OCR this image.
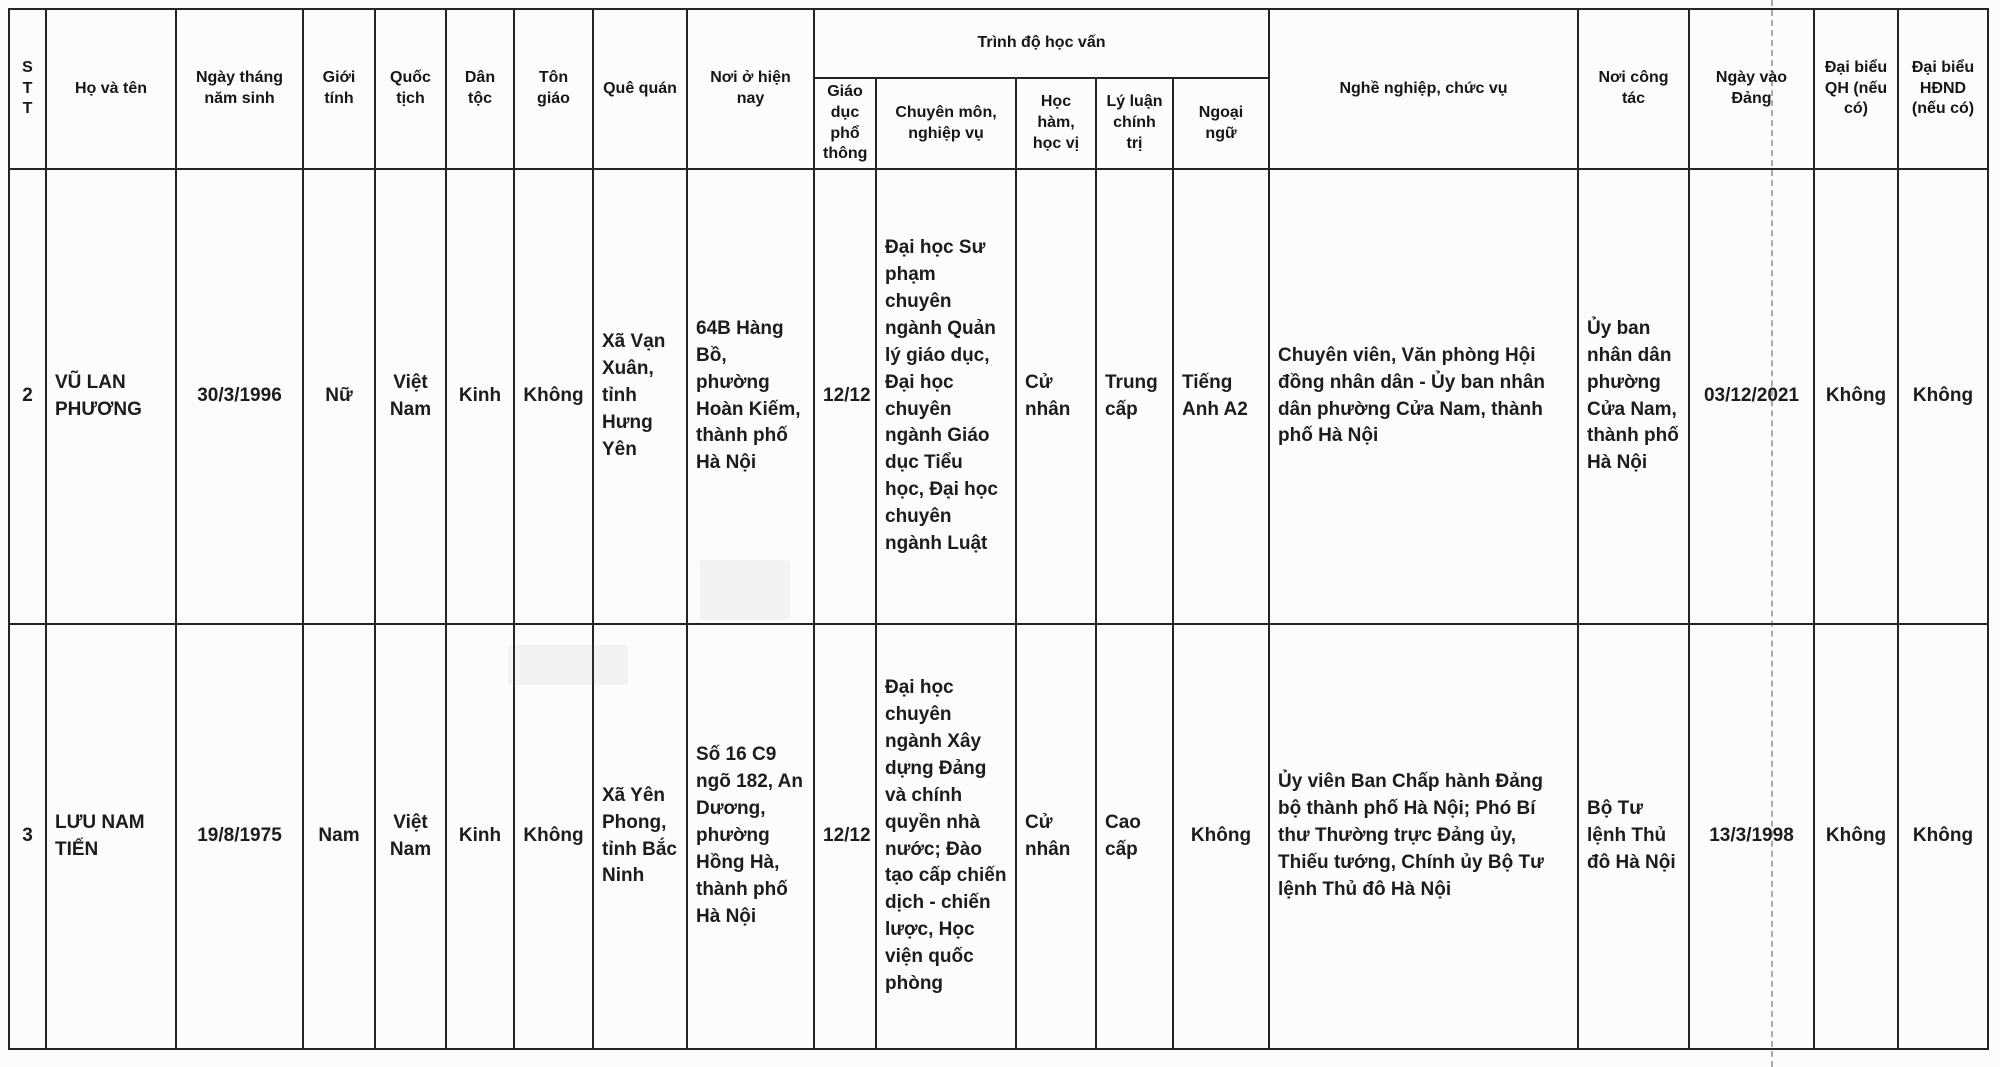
STT	Họ và tên	Ngày tháng năm sinh	Giới tính	Quốc tịch	Dân tộc	Tôn giáo	Quê quán	Nơi ở hiện nay	Trình độ học vấn					Nghề nghiệp, chức vụ	Nơi công tác	Ngày vào Đảng	Đại biểu QH (nếu có)	Đại biểu HĐND (nếu có)
									Giáo dục phổ thông	Chuyên môn, nghiệp vụ	Học hàm, học vị	Lý luận chính trị	Ngoại ngữ					
2	VŨ LAN PHƯƠNG	30/3/1996	Nữ	Việt Nam	Kinh	Không	Xã Vạn Xuân, tỉnh Hưng Yên	64B Hàng Bồ, phường Hoàn Kiếm, thành phố Hà Nội	12/12	Đại học Sư phạm chuyên ngành Quản lý giáo dục, Đại học chuyên ngành Giáo dục Tiểu học, Đại học chuyên ngành Luật	Cử nhân	Trung cấp	Tiếng Anh A2	Chuyên viên, Văn phòng Hội đồng nhân dân - Ủy ban nhân dân phường Cửa Nam, thành phố Hà Nội	Ủy ban nhân dân phường Cửa Nam, thành phố Hà Nội	03/12/2021	Không	Không
3	LƯU NAM TIẾN	19/8/1975	Nam	Việt Nam	Kinh	Không	Xã Yên Phong, tỉnh Bắc Ninh	Số 16 C9 ngõ 182, An Dương, phường Hồng Hà, thành phố Hà Nội	12/12	Đại học chuyên ngành Xây dựng Đảng và chính quyền nhà nước; Đào tạo cấp chiến dịch - chiến lược, Học viện quốc phòng	Cử nhân	Cao cấp	Không	Ủy viên Ban Chấp hành Đảng bộ thành phố Hà Nội; Phó Bí thư Thường trực Đảng ủy, Thiếu tướng, Chính ủy Bộ Tư lệnh Thủ đô Hà Nội	Bộ Tư lệnh Thủ đô Hà Nội	13/3/1998	Không	Không
